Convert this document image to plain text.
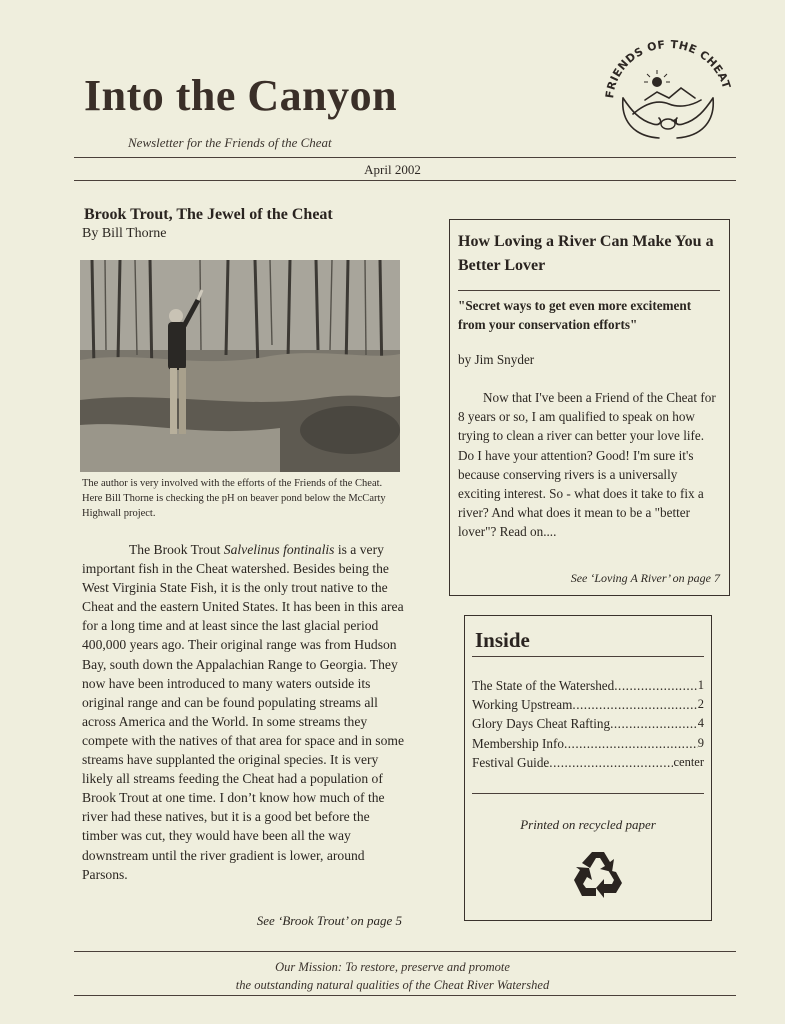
Into the Canyon
Newsletter for the Friends of the Cheat
FRIENDS OF THE CHEAT
April 2002
Brook Trout, The Jewel of the Cheat
By Bill Thorne
The author is very involved with the efforts of the Friends of the Cheat. Here Bill Thorne is checking the pH on beaver pond below the McCarty Highwall project.

The Brook Trout Salvelinus fontinalis is a very important fish in the Cheat watershed. Besides being the West Virginia State Fish, it is the only trout native to the Cheat and the eastern United States. It has been in this area for a long time and at least since the last glacial period 400,000 years ago. Their original range was from Hudson Bay, south down the Appalachian Range to Georgia. They now have been introduced to many waters outside its original range and can be found populating streams all across America and the World. In some streams they compete with the natives of that area for space and in some streams have supplanted the original species. It is very likely all streams feeding the Cheat had a population of Brook Trout at one time. I don’t know how much of the river had these natives, but it is a good bet before the timber was cut, they would have been all the way downstream until the river gradient is lower, around Parsons.

See ‘Brook Trout’ on page 5
How Loving a River Can Make You a Better Lover
"Secret ways to get even more excitement from your conservation efforts"
by Jim Snyder

Now that I've been a Friend of the Cheat for 8 years or so, I am qualified to speak on how trying to clean a river can better your love life. Do I have your attention? Good! I'm sure it's because conserving rivers is a universally exciting interest. So - what does it take to fix a river? And what does it mean to be a "better lover"? Read on....

See ‘Loving A River’ on page 7
Inside
The State of the Watershed .....	1
Working Upstream .....	2
Glory Days Cheat Rafting .....	4
Membership Info .....	9
Festival Guide .....	center
Printed on recycled paper
Our Mission: To restore, preserve and promote
the outstanding natural qualities of the Cheat River Watershed
